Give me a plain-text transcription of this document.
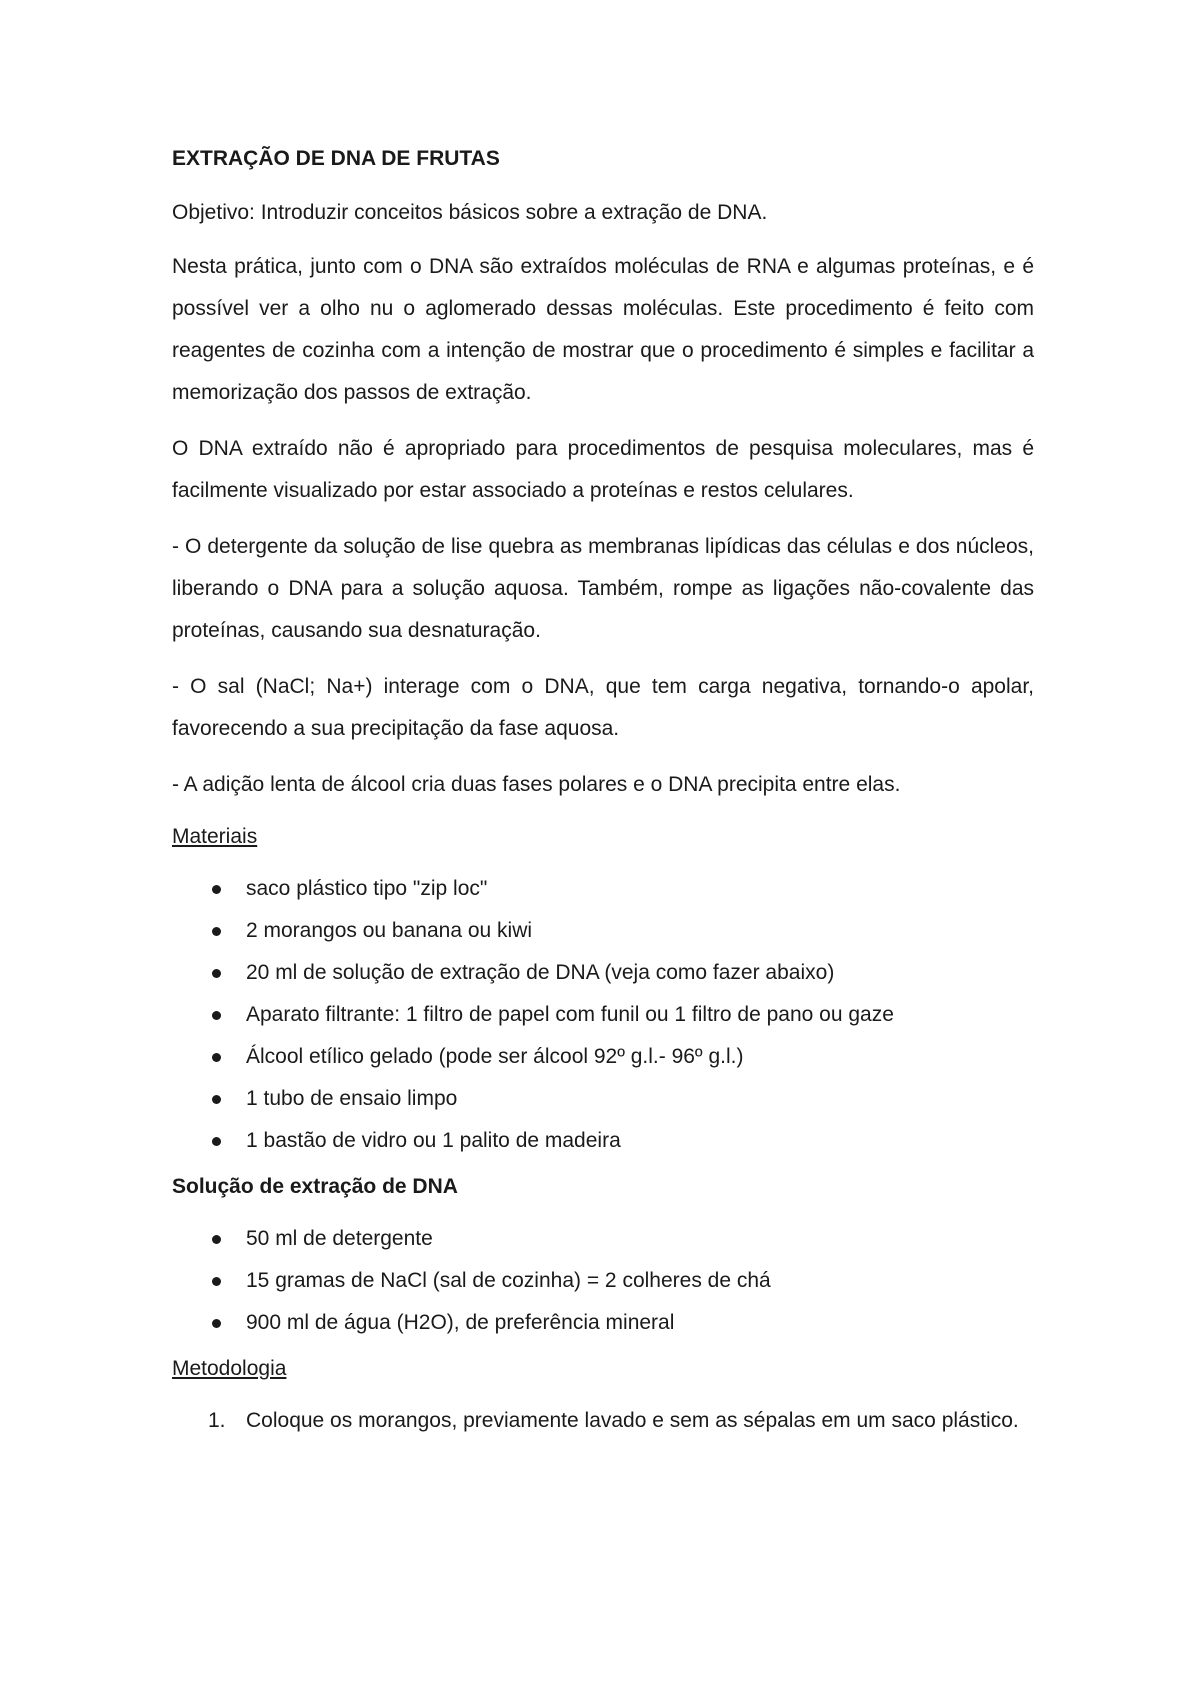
EXTRAÇÃO DE DNA DE FRUTAS

Objetivo: Introduzir conceitos básicos sobre a extração de DNA.

Nesta prática, junto com o DNA são extraídos moléculas de RNA e algumas proteínas, e é possível ver a olho nu o aglomerado dessas moléculas. Este procedimento é feito com reagentes de cozinha com a intenção de mostrar que o procedimento é simples e facilitar a memorização dos passos de extração.

O DNA extraído não é apropriado para procedimentos de pesquisa moleculares, mas é facilmente visualizado por estar associado a proteínas e restos celulares.

- O detergente da solução de lise quebra as membranas lipídicas das células e dos núcleos, liberando o DNA para a solução aquosa. Também, rompe as ligações não-covalente das proteínas, causando sua desnaturação.

- O sal (NaCl; Na+) interage com o DNA, que tem carga negativa, tornando-o apolar, favorecendo a sua precipitação da fase aquosa.

- A adição lenta de álcool cria duas fases polares e o DNA precipita entre elas.

Materiais
saco plástico tipo "zip loc"
2 morangos ou banana ou kiwi
20 ml de solução de extração de DNA (veja como fazer abaixo)
Aparato filtrante: 1 filtro de papel com funil ou 1 filtro de pano ou gaze
Álcool etílico gelado (pode ser álcool 92º g.l.- 96º g.l.)
1 tubo de ensaio limpo
1 bastão de vidro ou 1 palito de madeira
Solução de extração de DNA
50 ml de detergente
15 gramas de NaCl (sal de cozinha) = 2 colheres de chá
900 ml de água (H2O), de preferência mineral
Metodologia
1. Coloque os morangos, previamente lavado e sem as sépalas em um saco plástico.
